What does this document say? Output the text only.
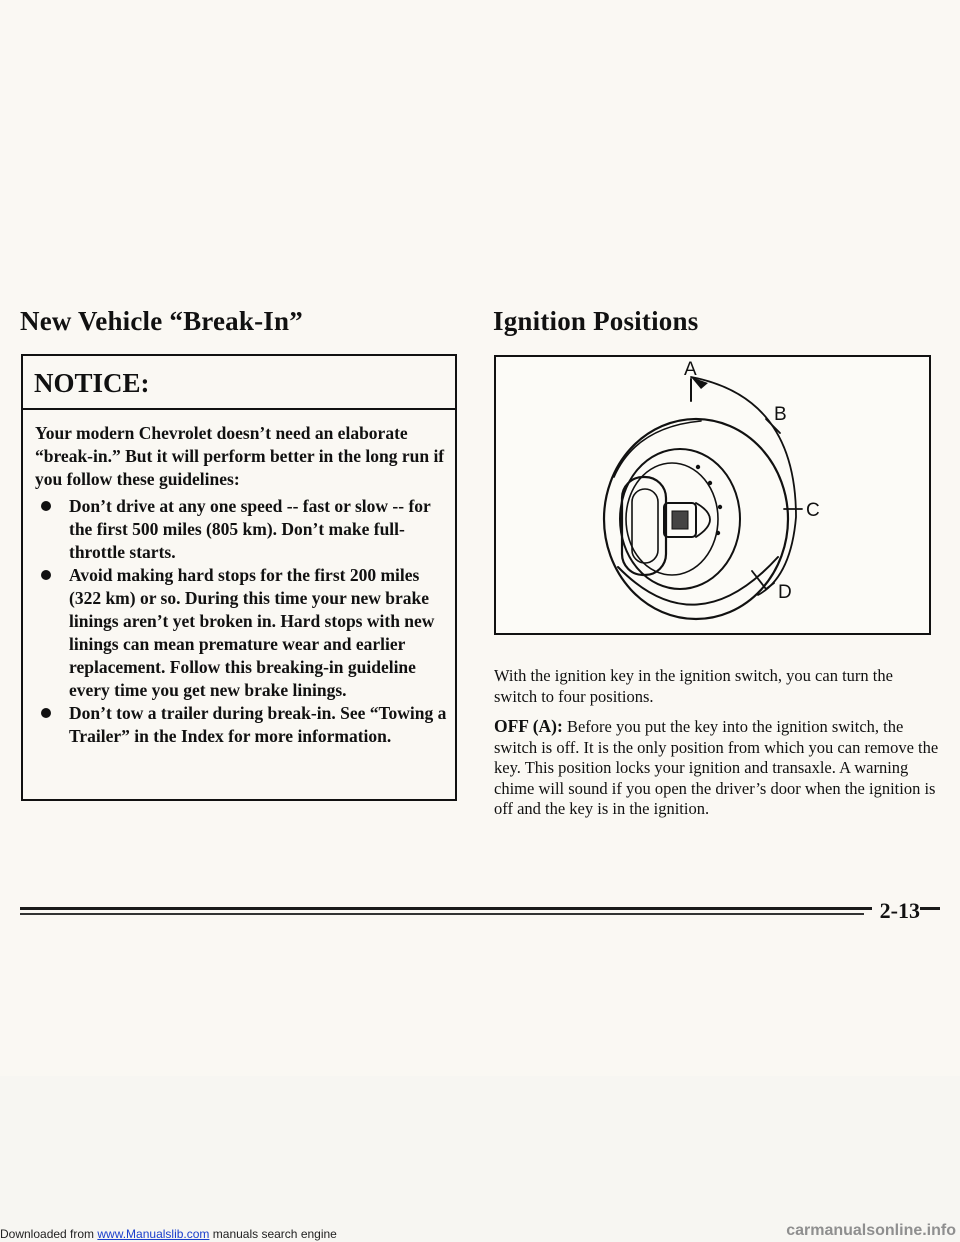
New Vehicle “Break-In”
NOTICE:

Your modern Chevrolet doesn’t need an elaborate “break-in.” But it will perform better in the long run if you follow these guidelines:

Don’t drive at any one speed -- fast or slow -- for the first 500 miles (805 km). Don’t make full-throttle starts.
Avoid making hard stops for the first 200 miles (322 km) or so. During this time your new brake linings aren’t yet broken in. Hard stops with new linings can mean premature wear and earlier replacement. Follow this breaking-in guideline every time you get new brake linings.
Don’t tow a trailer during break-in. See “Towing a Trailer” in the Index for more information.
Ignition Positions
A
B
C
D
With the ignition key in the ignition switch, you can turn the switch to four positions.
OFF (A): Before you put the key into the ignition switch, the switch is off. It is the only position from which you can remove the key. This position locks your ignition and transaxle. A warning chime will sound if you open the driver’s door when the ignition is off and the key is in the ignition.
2-13
Downloaded from www.Manualslib.com manuals search engine	carmanualsonline.info
